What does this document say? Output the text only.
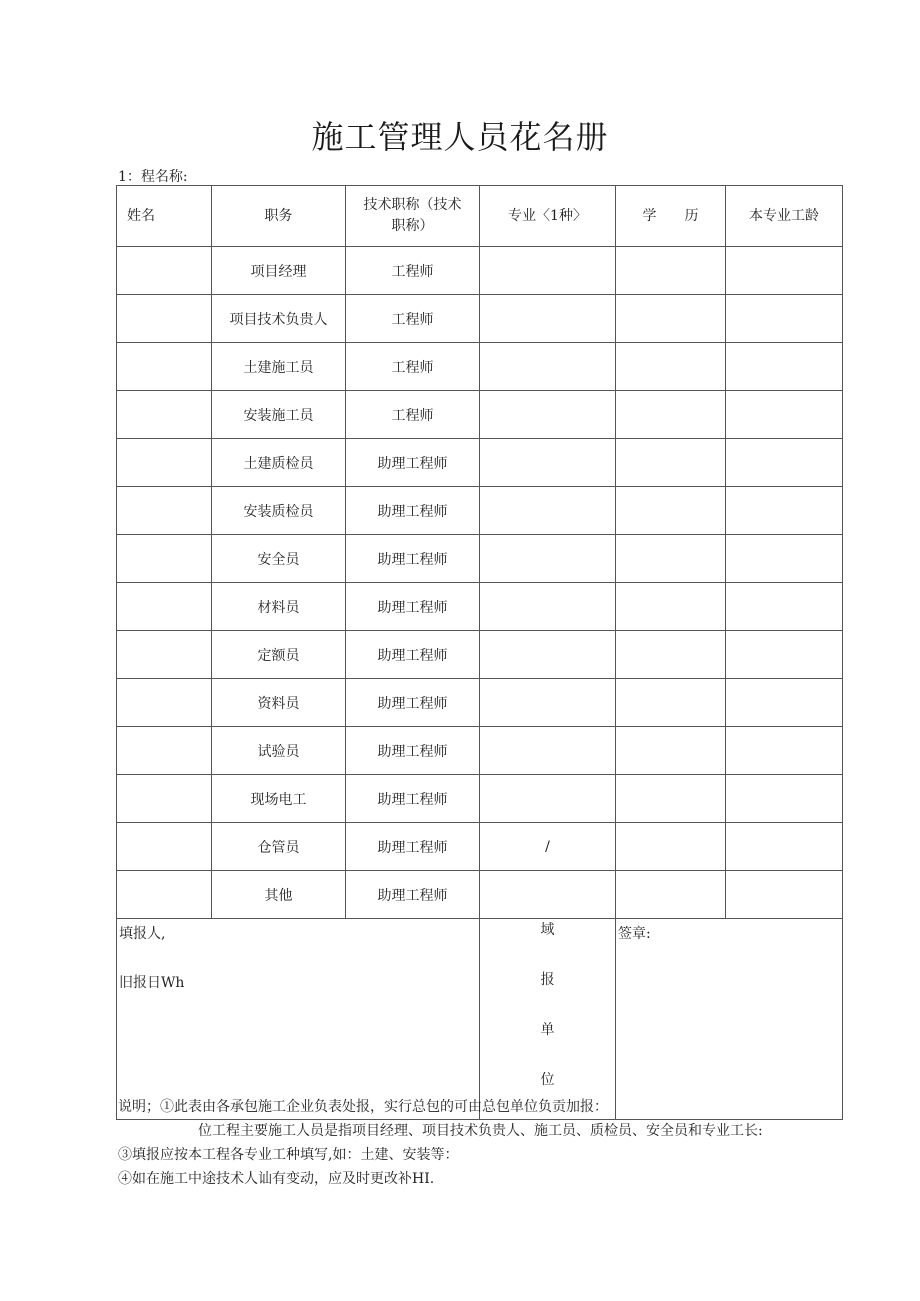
施工管理人员花名册
1：程名称:
姓名	职务	技术职称（技术职称）	专业〈1种〉	学　　历	本专业工龄
	项目经理	工程师			
	项目技术负贵人	工程师			
	土建施工员	工程师			
	安装施工员	工程师			
	土建质检员	助理工程师			
	安装质检员	助理工程师			
	安全员	助理工程师			
	材料员	助理工程师			
	定额员	助理工程师			
	资料员	助理工程师			
	试验员	助理工程师			
	现场电工	助理工程师			
	仓管员	助理工程师	/		
	其他	助理工程师			

填报人,
旧报日Wh			域
报
单
位	签章:	
说明；①此表由各承包施工企业负表处报，实行总包的可由总包单位负贡加报：
位工程主要施工人员是指项目经理、项目技术负贵人、施工员、质检员、安全员和专业工长:
③填报应按本工程各专业工种填写,如：土建、安装等：
④如在施工中途技术人讪有变动，应及时更改补HI.
